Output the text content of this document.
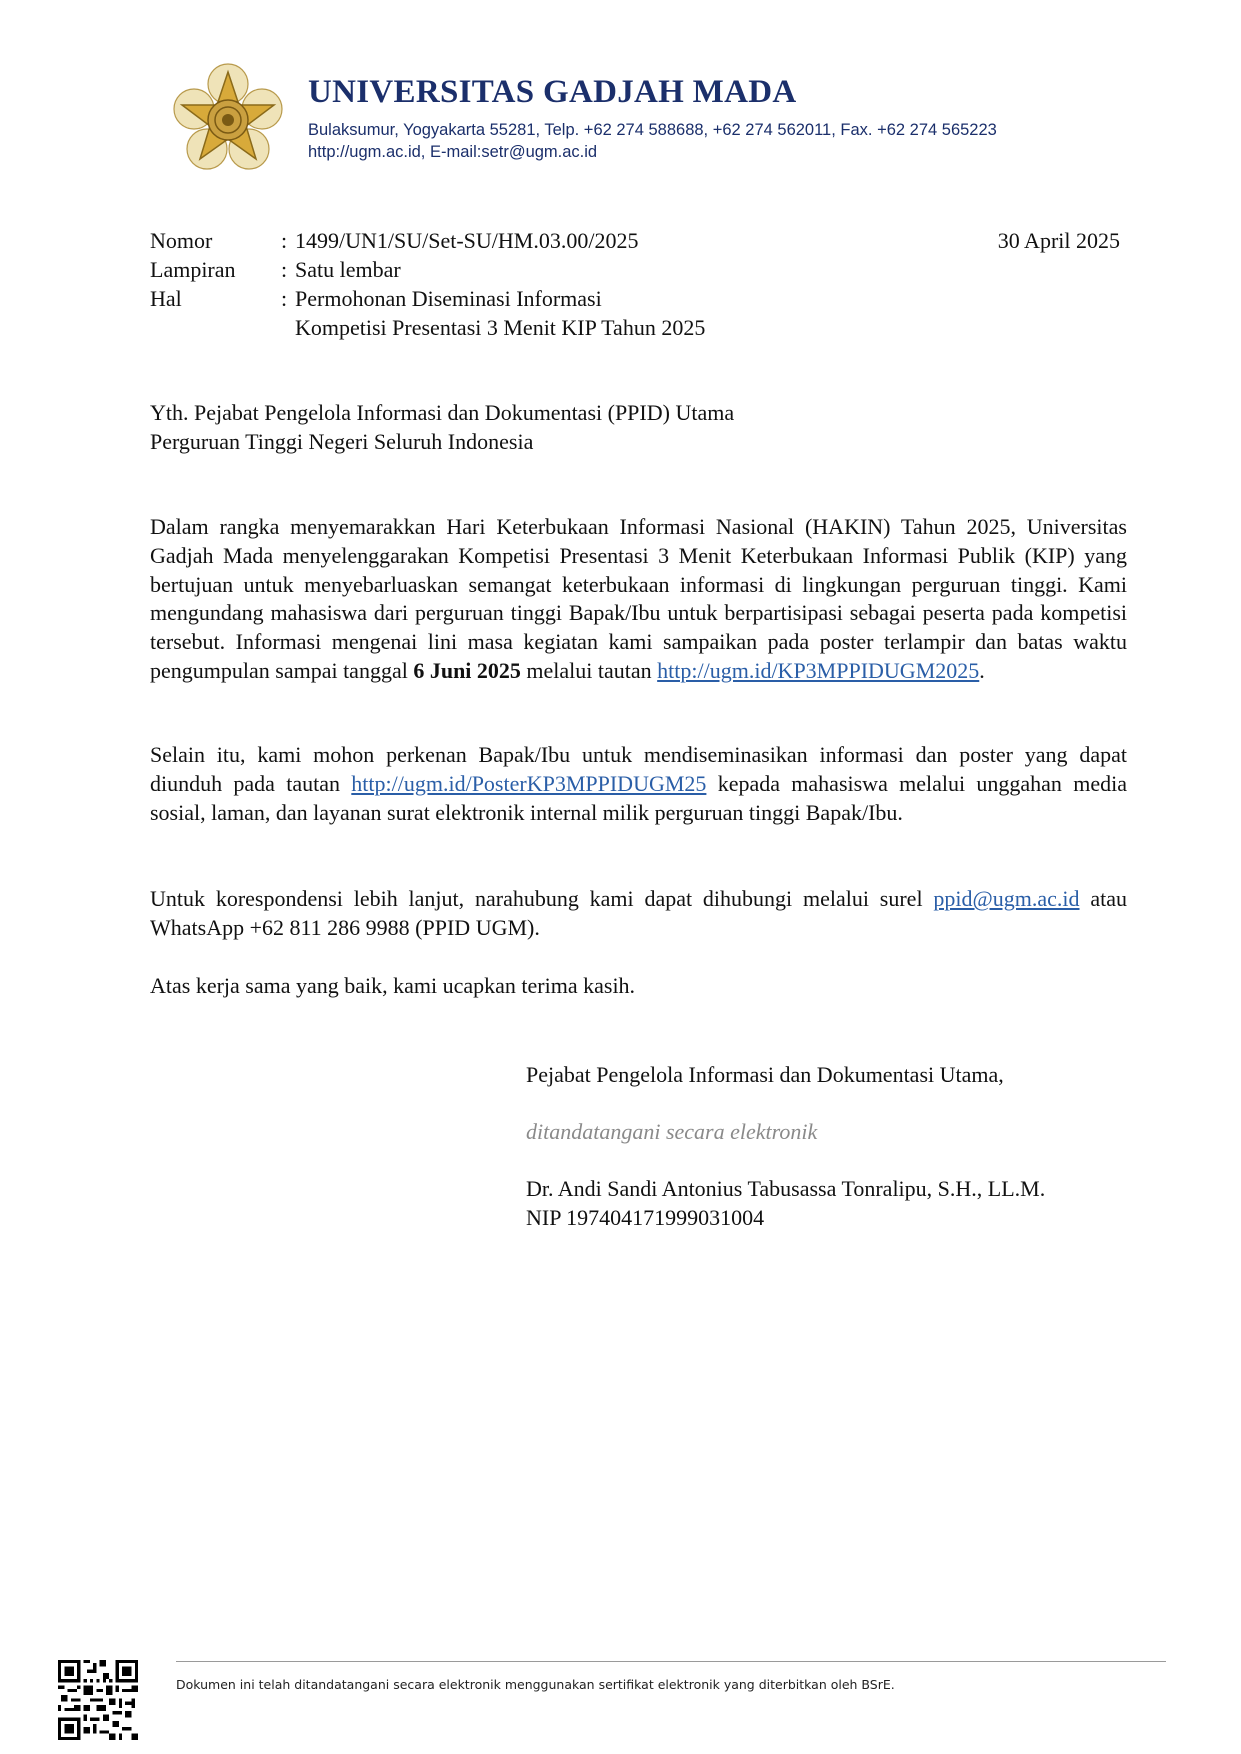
UNIVERSITAS GADJAH MADA
Bulaksumur, Yogyakarta 55281, Telp. +62 274 588688, +62 274 562011, Fax. +62 274 565223
http://ugm.ac.id, E-mail:setr@ugm.ac.id
Nomor	: 1499/UN1/SU/Set-SU/HM.03.00/2025	30 April 2025
Lampiran : Satu lembar
Hal	: Permohonan Diseminasi Informasi
Kompetisi Presentasi 3 Menit KIP Tahun 2025
Yth. Pejabat Pengelola Informasi dan Dokumentasi (PPID) Utama
Perguruan Tinggi Negeri Seluruh Indonesia
Dalam rangka menyemarakkan Hari Keterbukaan Informasi Nasional (HAKIN) Tahun 2025, Universitas Gadjah Mada menyelenggarakan Kompetisi Presentasi 3 Menit Keterbukaan Informasi Publik (KIP) yang bertujuan untuk menyebarluaskan semangat keterbukaan informasi di lingkungan perguruan tinggi. Kami mengundang mahasiswa dari perguruan tinggi Bapak/Ibu untuk berpartisipasi sebagai peserta pada kompetisi tersebut. Informasi mengenai lini masa kegiatan kami sampaikan pada poster terlampir dan batas waktu pengumpulan sampai tanggal 6 Juni 2025 melalui tautan http://ugm.id/KP3MPPIDUGM2025.
Selain itu, kami mohon perkenan Bapak/Ibu untuk mendiseminasikan informasi dan poster yang dapat diunduh pada tautan http://ugm.id/PosterKP3MPPIDUGM25 kepada mahasiswa melalui unggahan media sosial, laman, dan layanan surat elektronik internal milik perguruan tinggi Bapak/Ibu.
Untuk korespondensi lebih lanjut, narahubung kami dapat dihubungi melalui surel ppid@ugm.ac.id atau WhatsApp +62 811 286 9988 (PPID UGM).
Atas kerja sama yang baik, kami ucapkan terima kasih.
Pejabat Pengelola Informasi dan Dokumentasi Utama,
ditandatangani secara elektronik
Dr. Andi Sandi Antonius Tabusassa Tonralipu, S.H., LL.M.
NIP 197404171999031004
Dokumen ini telah ditandatangani secara elektronik menggunakan sertifikat elektronik yang diterbitkan oleh BSrE.
